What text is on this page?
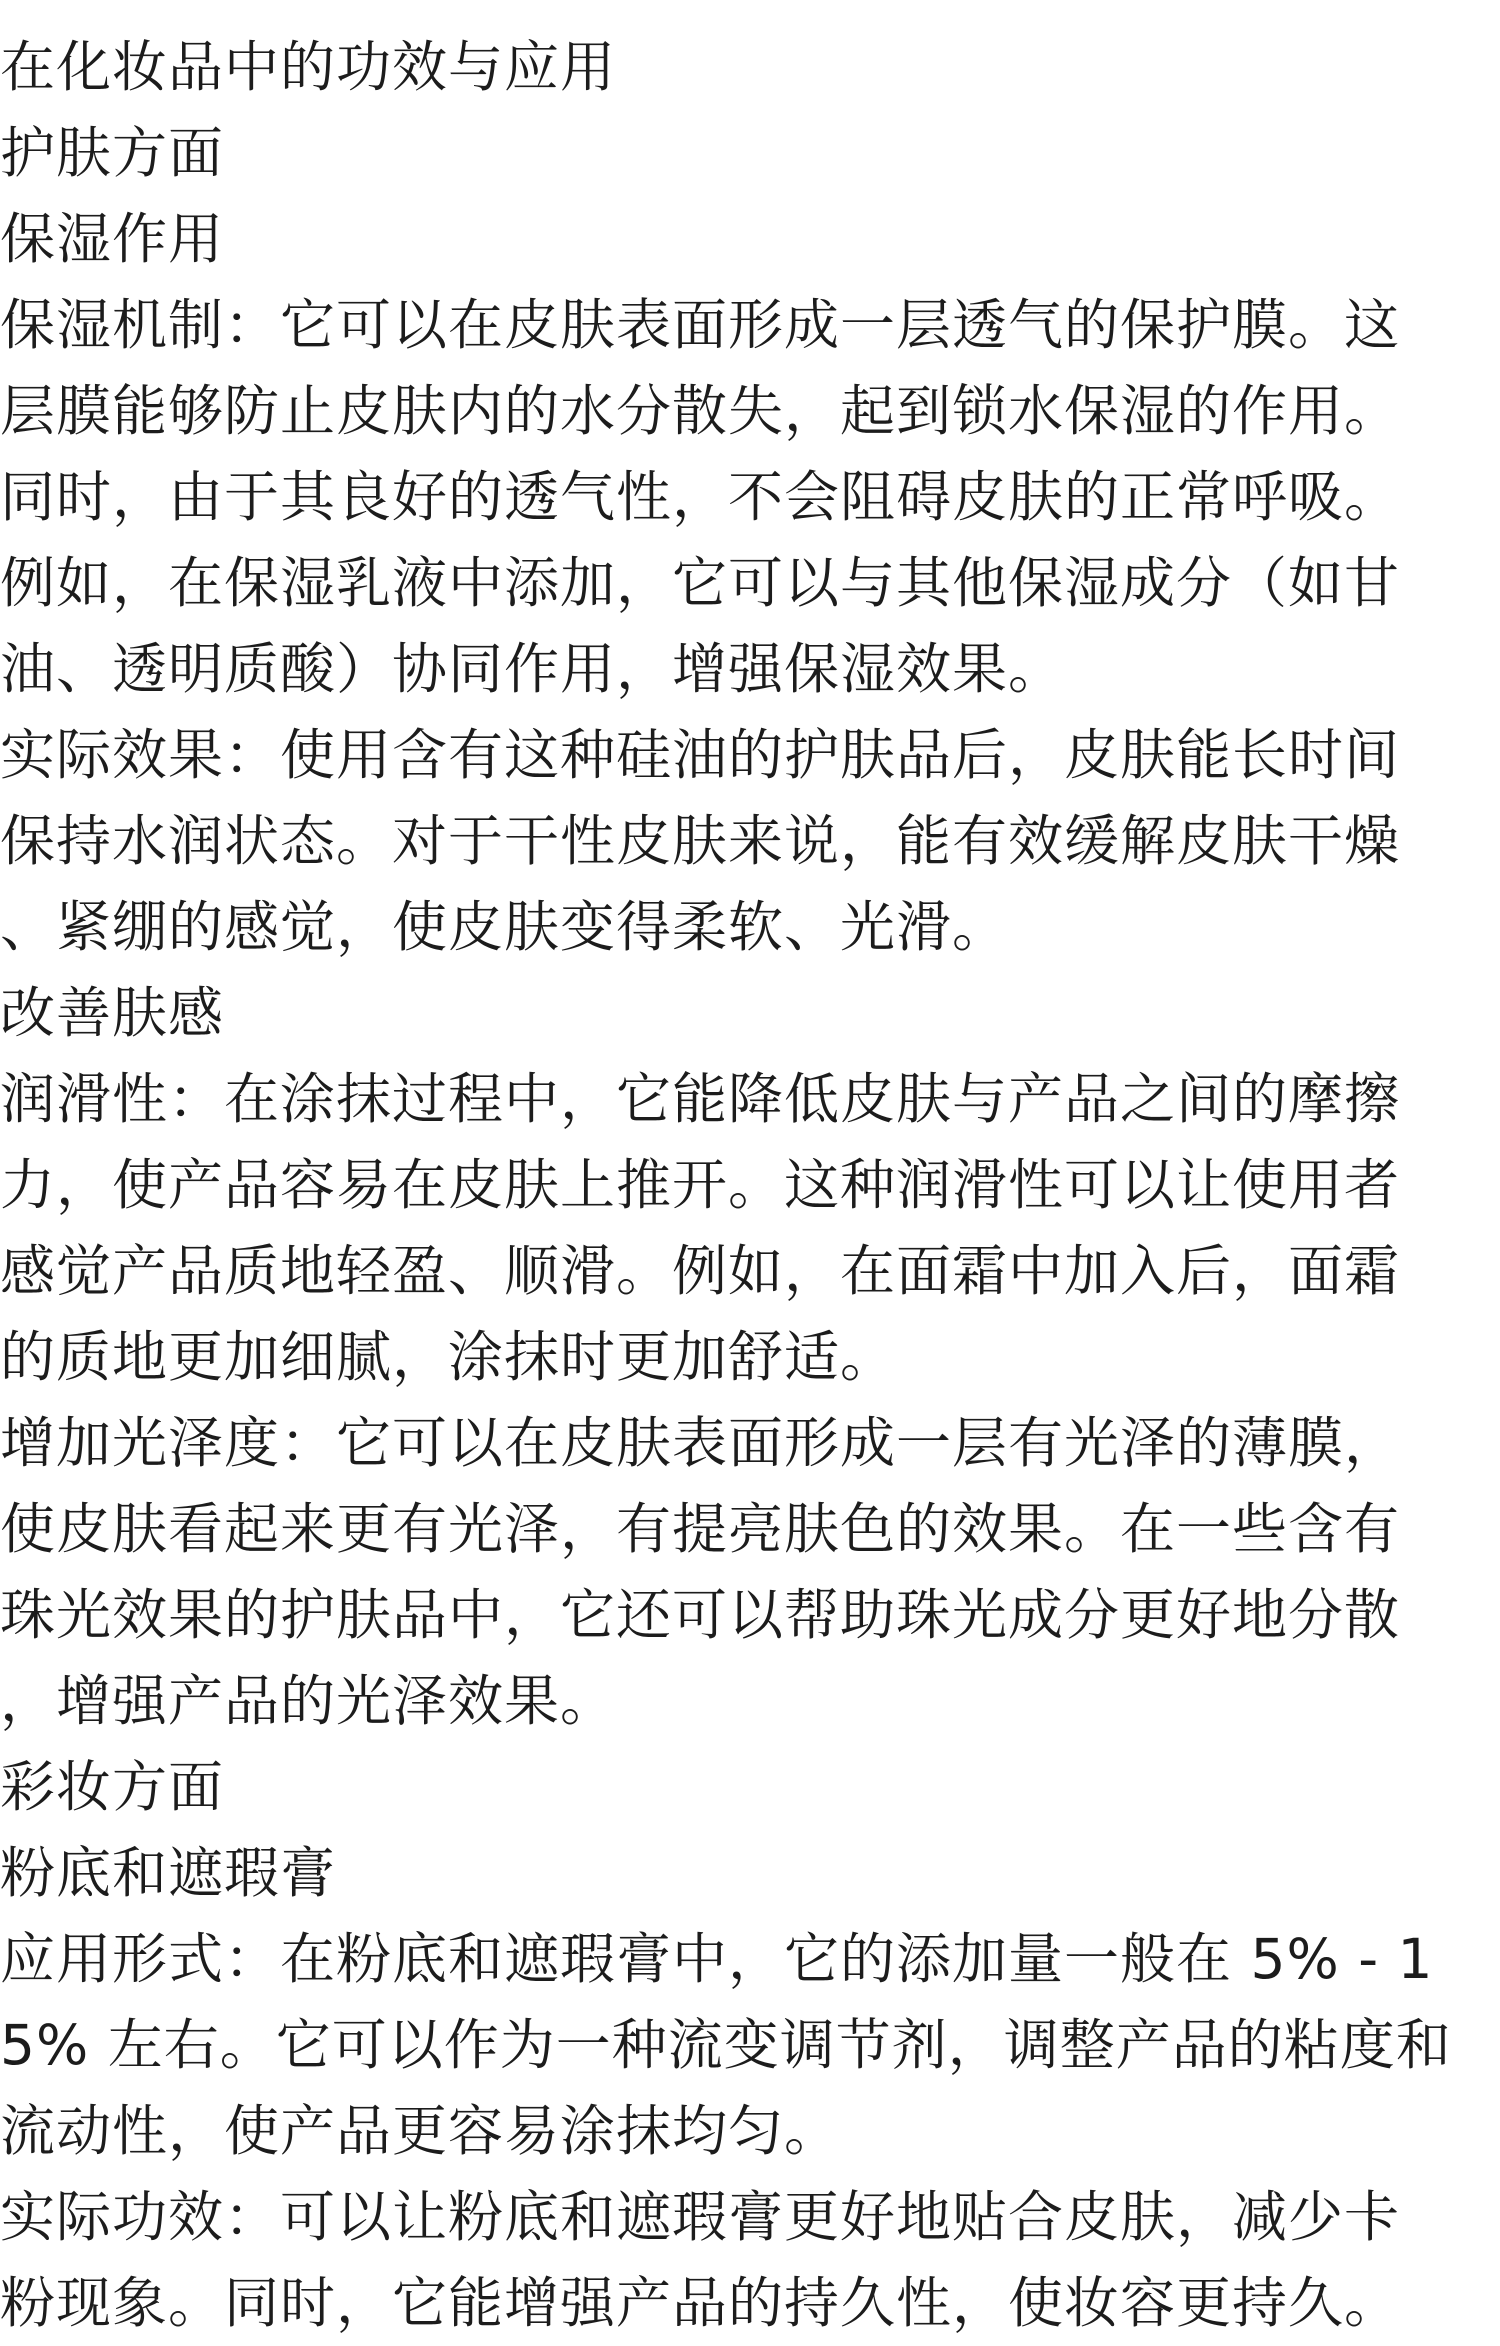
在化妆品中的功效与应用
护肤方面
保湿作用
保湿机制：它可以在皮肤表面形成一层透气的保护膜。这
层膜能够防止皮肤内的水分散失，起到锁水保湿的作用。
同时，由于其良好的透气性，不会阻碍皮肤的正常呼吸。
例如，在保湿乳液中添加，它可以与其他保湿成分（如甘
油、透明质酸）协同作用，增强保湿效果。
实际效果：使用含有这种硅油的护肤品后，皮肤能长时间
保持水润状态。对于干性皮肤来说，能有效缓解皮肤干燥
、紧绷的感觉，使皮肤变得柔软、光滑。
改善肤感
润滑性：在涂抹过程中，它能降低皮肤与产品之间的摩擦
力，使产品容易在皮肤上推开。这种润滑性可以让使用者
感觉产品质地轻盈、顺滑。例如，在面霜中加入后，面霜
的质地更加细腻，涂抹时更加舒适。
增加光泽度：它可以在皮肤表面形成一层有光泽的薄膜，
使皮肤看起来更有光泽，有提亮肤色的效果。在一些含有
珠光效果的护肤品中，它还可以帮助珠光成分更好地分散
，增强产品的光泽效果。
彩妆方面
粉底和遮瑕膏
应用形式：在粉底和遮瑕膏中，它的添加量一般在 5% - 1
5% 左右。它可以作为一种流变调节剂，调整产品的粘度和
流动性，使产品更容易涂抹均匀。
实际功效：可以让粉底和遮瑕膏更好地贴合皮肤，减少卡
粉现象。同时，它能增强产品的持久性，使妆容更持久。
